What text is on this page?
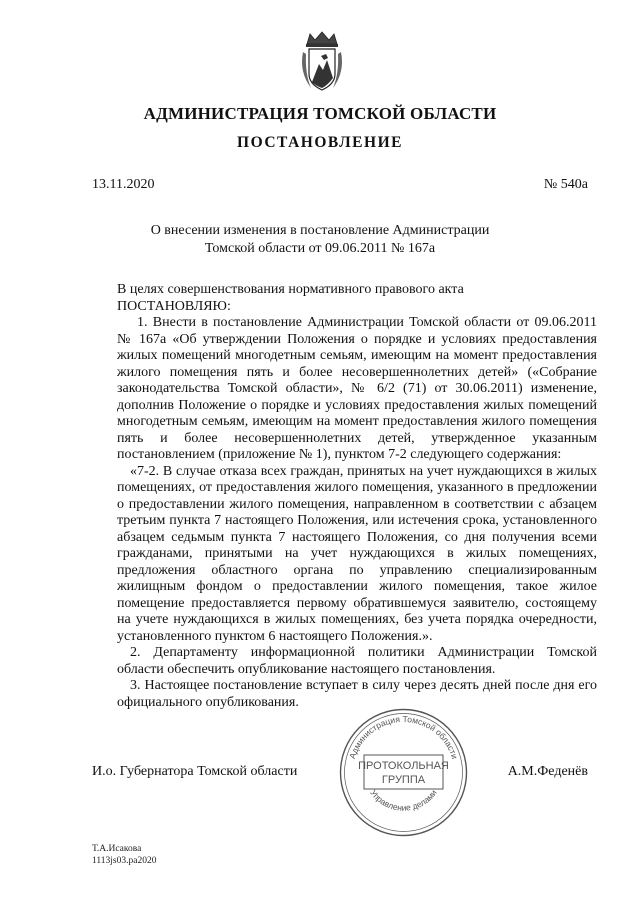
АДМИНИСТРАЦИЯ ТОМСКОЙ ОБЛАСТИ
ПОСТАНОВЛЕНИЕ
13.11.2020	№ 540а
О внесении изменения в постановление Администрации
Томской области от 09.06.2011 № 167а

В целях совершенствования нормативного правового акта

ПОСТАНОВЛЯЮ:

1. Внести в постановление Администрации Томской области от 09.06.2011 № 167а «Об утверждении Положения о порядке и условиях предоставления жилых помещений многодетным семьям, имеющим на момент предоставления жилого помещения пять и более несовершеннолетних детей» («Собрание законодательства Томской области», № 6/2 (71) от 30.06.2011) изменение, дополнив Положение о порядке и условиях предоставления жилых помещений многодетным семьям, имеющим на момент предоставления жилого помещения пять и более несовершеннолетних детей, утвержденное указанным постановлением (приложение № 1), пунктом 7-2 следующего содержания:

«7-2. В случае отказа всех граждан, принятых на учет нуждающихся в жилых помещениях, от предоставления жилого помещения, указанного в предложении о предоставлении жилого помещения, направленном в соответствии с абзацем третьим пункта 7 настоящего Положения, или истечения срока, установленного абзацем седьмым пункта 7 настоящего Положения, со дня получения всеми гражданами, принятыми на учет нуждающихся в жилых помещениях, предложения областного органа по управлению специализированным жилищным фондом о предоставлении жилого помещения, такое жилое помещение предоставляется первому обратившемуся заявителю, состоящему на учете нуждающихся в жилых помещениях, без учета порядка очередности, установленного пунктом 6 настоящего Положения.».

2. Департаменту информационной политики Администрации Томской области обеспечить опубликование настоящего постановления.

3. Настоящее постановление вступает в силу через десять дней после дня его официального опубликования.

И.о. Губернатора Томской области	А.М.Феденёв
Администрация Томской области
Управление делами
ПРОТОКОЛЬНАЯ
ГРУППА
Т.А.Исакова
1113js03.ра2020
